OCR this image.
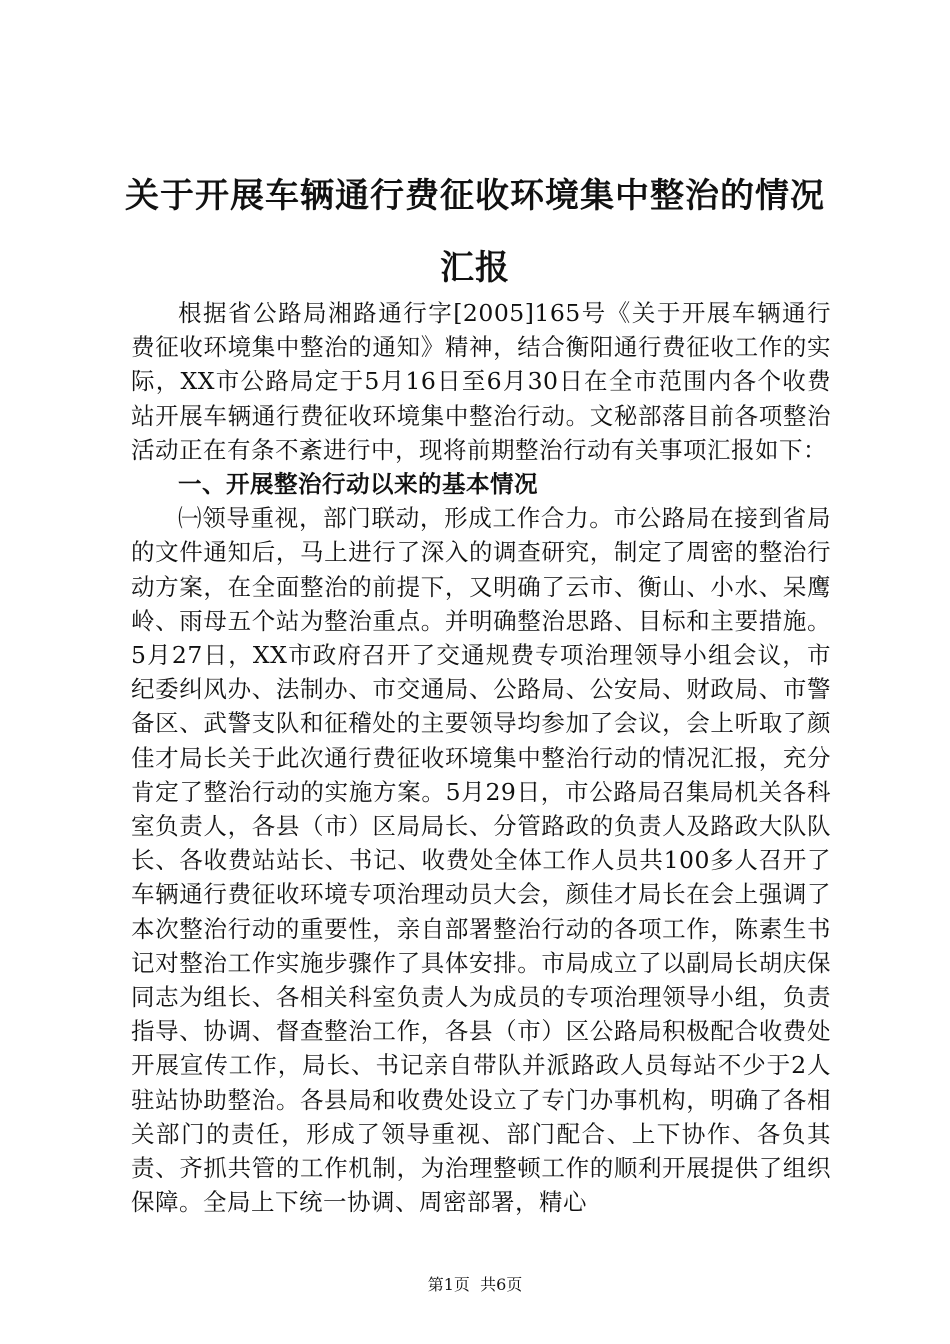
关于开展车辆通行费征收环境集中整治的情况汇报

根据省公路局湘路通行字[2005]165号《关于开展车辆通行费征收环境集中整治的通知》精神，结合衡阳通行费征收工作的实际，XX市公路局定于5月16日至6月30日在全市范围内各个收费站开展车辆通行费征收环境集中整治行动。文秘部落目前各项整治活动正在有条不紊进行中，现将前期整治行动有关事项汇报如下：

一、开展整治行动以来的基本情况

㈠领导重视，部门联动，形成工作合力。市公路局在接到省局的文件通知后，马上进行了深入的调查研究，制定了周密的整治行动方案，在全面整治的前提下，又明确了云市、衡山、小水、呆鹰岭、雨母五个站为整治重点。并明确整治思路、目标和主要措施。5月27日，XX市政府召开了交通规费专项治理领导小组会议，市纪委纠风办、法制办、市交通局、公路局、公安局、财政局、市警备区、武警支队和征稽处的主要领导均参加了会议，会上听取了颜佳才局长关于此次通行费征收环境集中整治行动的情况汇报，充分肯定了整治行动的实施方案。5月29日，市公路局召集局机关各科室负责人，各县（市）区局局长、分管路政的负责人及路政大队队长、各收费站站长、书记、收费处全体工作人员共100多人召开了车辆通行费征收环境专项治理动员大会，颜佳才局长在会上强调了本次整治行动的重要性，亲自部署整治行动的各项工作，陈素生书记对整治工作实施步骤作了具体安排。市局成立了以副局长胡庆保同志为组长、各相关科室负责人为成员的专项治理领导小组，负责指导、协调、督查整治工作，各县（市）区公路局积极配合收费处开展宣传工作，局长、书记亲自带队并派路政人员每站不少于2人驻站协助整治。各县局和收费处设立了专门办事机构，明确了各相关部门的责任，形成了领导重视、部门配合、上下协作、各负其责、齐抓共管的工作机制，为治理整顿工作的顺利开展提供了组织保障。全局上下统一协调、周密部署，精心

第1页 共6页
